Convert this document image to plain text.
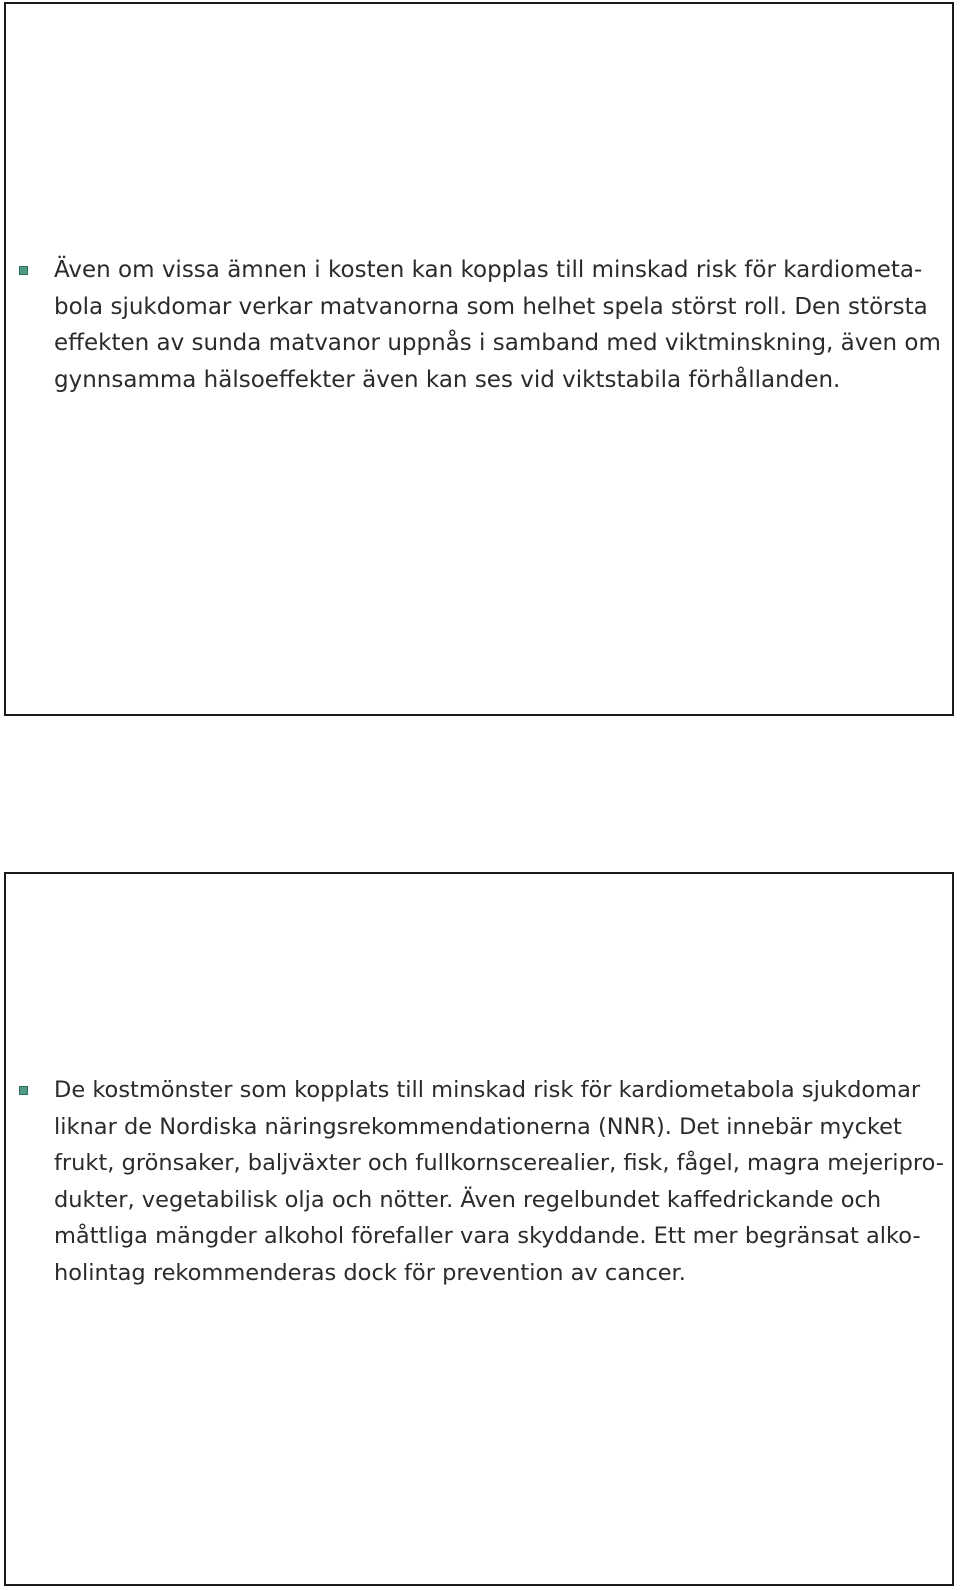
Även om vissa ämnen i kosten kan kopplas till minskad risk för kardiometa-
bola sjukdomar verkar matvanorna som helhet spela störst roll. Den största
effekten av sunda matvanor uppnås i samband med viktminskning, även om
gynnsamma hälsoeffekter även kan ses vid viktstabila förhållanden.

De kostmönster som kopplats till minskad risk för kardiometabola sjukdomar
liknar de Nordiska näringsrekommendationerna (NNR). Det innebär mycket
frukt, grönsaker, baljväxter och fullkornscerealier, fisk, fågel, magra mejeripro-
dukter, vegetabilisk olja och nötter. Även regelbundet kaffedrickande och
måttliga mängder alkohol förefaller vara skyddande. Ett mer begränsat alko-
holintag rekommenderas dock för prevention av cancer.
